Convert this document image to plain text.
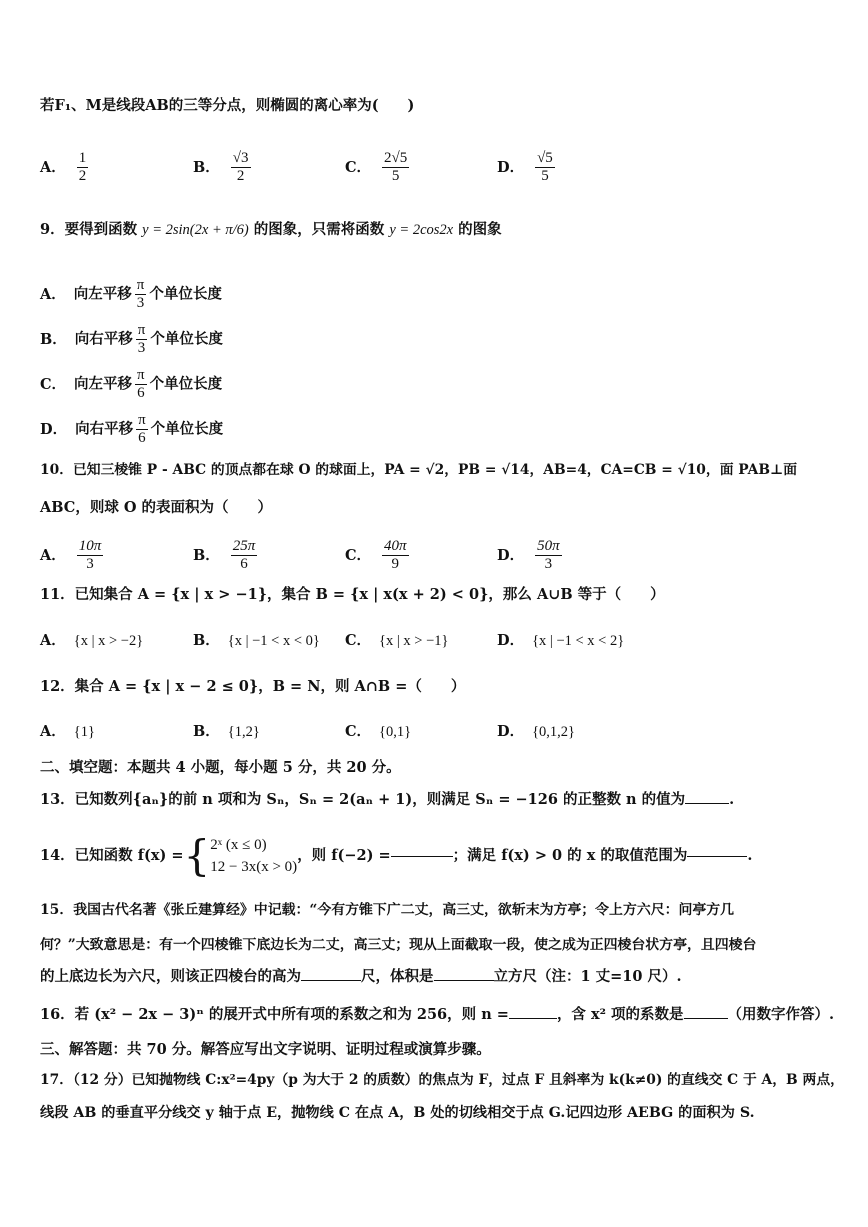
若F₁、M是线段AB的三等分点，则椭圆的离心率为(　　)
A． $\frac{1}{2}$	B． $\frac{√3}{2}$	C． $\frac{2√5}{5}$	D． $\frac{√5}{5}$
9．要得到函数 y = 2sin(2x + π/6) 的图象，只需将函数 y = 2cos2x 的图象
A． 向左平移 $\frac{\pi}{3}$ 个单位长度
B． 向右平移 $\frac{\pi}{3}$ 个单位长度
C． 向左平移 $\frac{\pi}{6}$ 个单位长度
D． 向右平移 $\frac{\pi}{6}$ 个单位长度
10．已知三棱锥 P - ABC 的顶点都在球 O 的球面上，PA = √2，PB = √14，AB=4，CA=CB = √10，面 PAB⊥面
ABC，则球 O 的表面积为（　　）
A． $\frac{10\pi}{3}$	B． $\frac{25\pi}{6}$	C． $\frac{40\pi}{9}$	D． $\frac{50\pi}{3}$
11．已知集合 A = {x | x > −1}，集合 B = {x | x(x + 2) < 0}，那么 A∪B 等于（　　）
A． {x | x > −2}	B． {x | −1 < x < 0} C． {x | x > −1}	D． {x | −1 < x < 2}
12．集合 A = {x | x − 2 ≤ 0}，B = N，则 A∩B =（　　）
A． {1}	B． {1,2}	C． {0,1}	D． {0,1,2}
二、填空题：本题共 4 小题，每小题 5 分，共 20 分。
13．已知数列{aₙ}的前 n 项和为 Sₙ，Sₙ = 2(aₙ + 1)，则满足 Sₙ = −126 的正整数 n 的值为	.
14．已知函数 f(x) = { 2ˣ (x ≤ 0)
12 − 3x(x > 0)
，则 f(−2) =	；满足 f(x) > 0 的 x 的取值范围为	.
15．我国古代名著《张丘建算经》中记载：“今有方锥下广二丈，高三丈，欲斩末为方亭；令上方六尺：问亭方几
何？”大致意思是：有一个四棱锥下底边长为二丈，高三丈；现从上面截取一段，使之成为正四棱台状方亭，且四棱台
的上底边长为六尺，则该正四棱台的高为	尺，体积是	立方尺（注：1 丈=10 尺）.
16．若 (x² − 2x − 3)ⁿ 的展开式中所有项的系数之和为 256，则 n =	，含 x² 项的系数是	（用数字作答）.
三、解答题：共 70 分。解答应写出文字说明、证明过程或演算步骤。
17．（12 分）已知抛物线 C:x²=4py（p 为大于 2 的质数）的焦点为 F，过点 F 且斜率为 k(k≠0) 的直线交 C 于 A，B 两点，
线段 AB 的垂直平分线交 y 轴于点 E，抛物线 C 在点 A，B 处的切线相交于点 G.记四边形 AEBG 的面积为 S.
